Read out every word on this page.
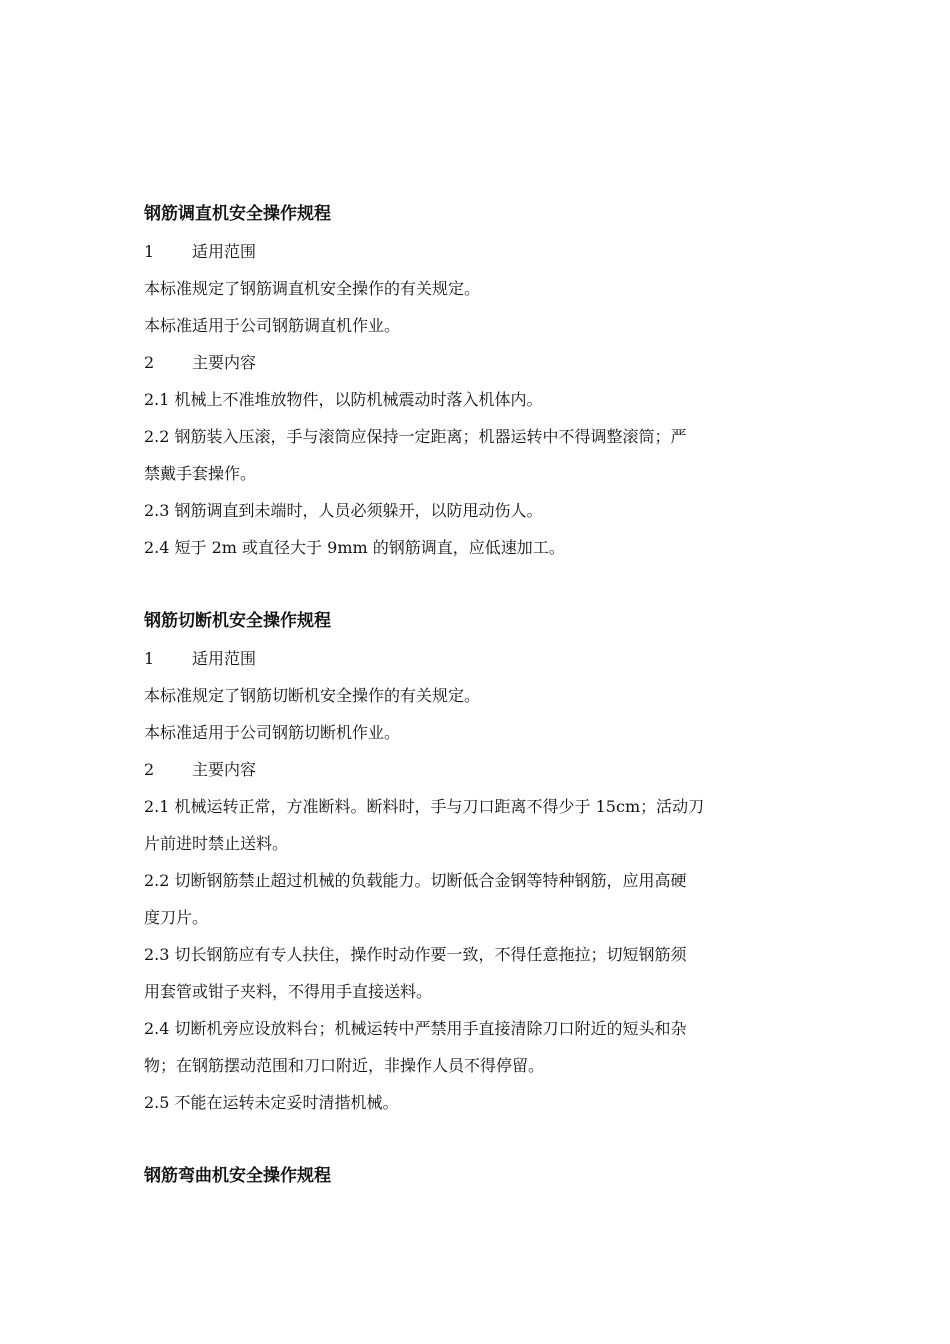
钢筋调直机安全操作规程
1 适用范围
本标准规定了钢筋调直机安全操作的有关规定。
本标准适用于公司钢筋调直机作业。
2 主要内容
2.1 机械上不准堆放物件，以防机械震动时落入机体内。
2.2 钢筋装入压滚，手与滚筒应保持一定距离；机器运转中不得调整滚筒；严
禁戴手套操作。
2.3 钢筋调直到未端时，人员必须躲开，以防甩动伤人。
2.4 短于 2m 或直径大于 9mm 的钢筋调直，应低速加工。
钢筋切断机安全操作规程
1 适用范围
本标准规定了钢筋切断机安全操作的有关规定。
本标准适用于公司钢筋切断机作业。
2 主要内容
2.1 机械运转正常，方准断料。断料时，手与刀口距离不得少于 15cm；活动刀
片前进时禁止送料。
2.2 切断钢筋禁止超过机械的负载能力。切断低合金钢等特种钢筋，应用高硬
度刀片。
2.3 切长钢筋应有专人扶住，操作时动作要一致，不得任意拖拉；切短钢筋须
用套管或钳子夹料，不得用手直接送料。
2.4 切断机旁应设放料台；机械运转中严禁用手直接清除刀口附近的短头和杂
物；在钢筋摆动范围和刀口附近，非操作人员不得停留。
2.5 不能在运转未定妥时清揩机械。
钢筋弯曲机安全操作规程
